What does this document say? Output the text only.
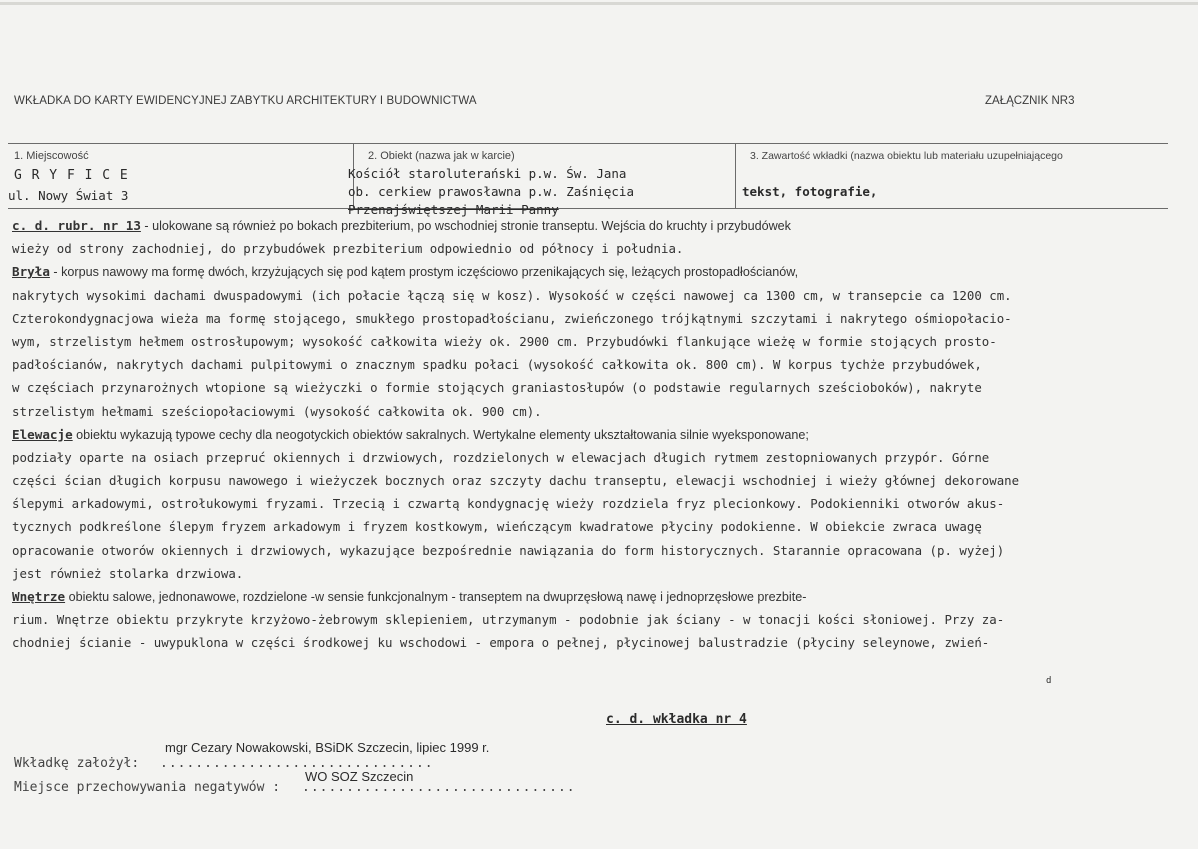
WKŁADKA DO KARTY EWIDENCYJNEJ ZABYTKU ARCHITEKTURY I BUDOWNICTWA	ZAŁĄCZNIK NR3
1. Miejscowość
G R Y F I C E
ul. Nowy Świat 3
2. Obiekt (nazwa jak w karcie)
Kościół staroluterański p.w. Św. Jana
ob. cerkiew prawosławna p.w. Zaśnięcia
Przenajświętszej Marii Panny
3. Zawartość wkładki (nazwa obiektu lub materiału uzupełniającego
tekst, fotografie,
c. d. rubr. nr 13 - ulokowane są również po bokach prezbiterium, po wschodniej stronie transeptu. Wejścia do kruchty i przybudówek
wieży od strony zachodniej, do przybudówek prezbiterium odpowiednio od północy i południa.
Bryła - korpus nawowy ma formę dwóch, krzyżujących się pod kątem prostym iczęściowo przenikających się, leżących prostopadłościanów,
nakrytych wysokimi dachami dwuspadowymi (ich połacie łączą się w kosz). Wysokość w części nawowej ca 1300 cm, w transepcie ca 1200 cm.
Czterokondygnacjowa wieża ma formę stojącego, smukłego prostopadłościanu, zwieńczonego trójkątnymi szczytami i nakrytego ośmiopołacio-
wym, strzelistym hełmem ostrosłupowym; wysokość całkowita wieży ok. 2900 cm. Przybudówki flankujące wieżę w formie stojących prosto-
padłościanów, nakrytych dachami pulpitowymi o znacznym spadku połaci (wysokość całkowita ok. 800 cm). W korpus tychże przybudówek,
w częściach przynarożnych wtopione są wieżyczki o formie stojących graniastosłupów (o podstawie regularnych sześcioboków), nakryte
strzelistym hełmami sześciopołaciowymi (wysokość całkowita ok. 900 cm).
Elewacje obiektu wykazują typowe cechy dla neogotyckich obiektów sakralnych. Wertykalne elementy ukształtowania silnie wyeksponowane;
podziały oparte na osiach przepruć okiennych i drzwiowych, rozdzielonych w elewacjach długich rytmem zestopniowanych przypór. Górne
części ścian długich korpusu nawowego i wieżyczek bocznych oraz szczyty dachu transeptu, elewacji wschodniej i wieży głównej dekorowane
ślepymi arkadowymi, ostrołukowymi fryzami. Trzecią i czwartą kondygnację wieży rozdziela fryz plecionkowy. Podokienniki otworów akus-
tycznych podkreślone ślepym fryzem arkadowym i fryzem kostkowym, wieńczącym kwadratowe płyciny podokienne. W obiekcie zwraca uwagę
opracowanie otworów okiennych i drzwiowych, wykazujące bezpośrednie nawiązania do form historycznych. Starannie opracowana (p. wyżej)
jest również stolarka drzwiowa.
Wnętrze obiektu salowe, jednonawowe, rozdzielone -w sensie funkcjonalnym - transeptem na dwuprzęsłową nawę i jednoprzęsłowe prezbite-
rium. Wnętrze obiektu przykryte krzyżowo-żebrowym sklepieniem, utrzymanym - podobnie jak ściany - w tonacji kości słoniowej. Przy za-
chodniej ścianie - uwypuklona w części środkowej ku wschodowi - empora o pełnej, płycinowej balustradzie (płyciny seleynowe, zwień-
d
c. d. wkładka nr 4
mgr Cezary Nowakowski, BSiDK Szczecin, lipiec 1999 r.
Wkładkę założył: ...............................
WO SOZ Szczecin
Miejsce przechowywania negatywów : ...............................
